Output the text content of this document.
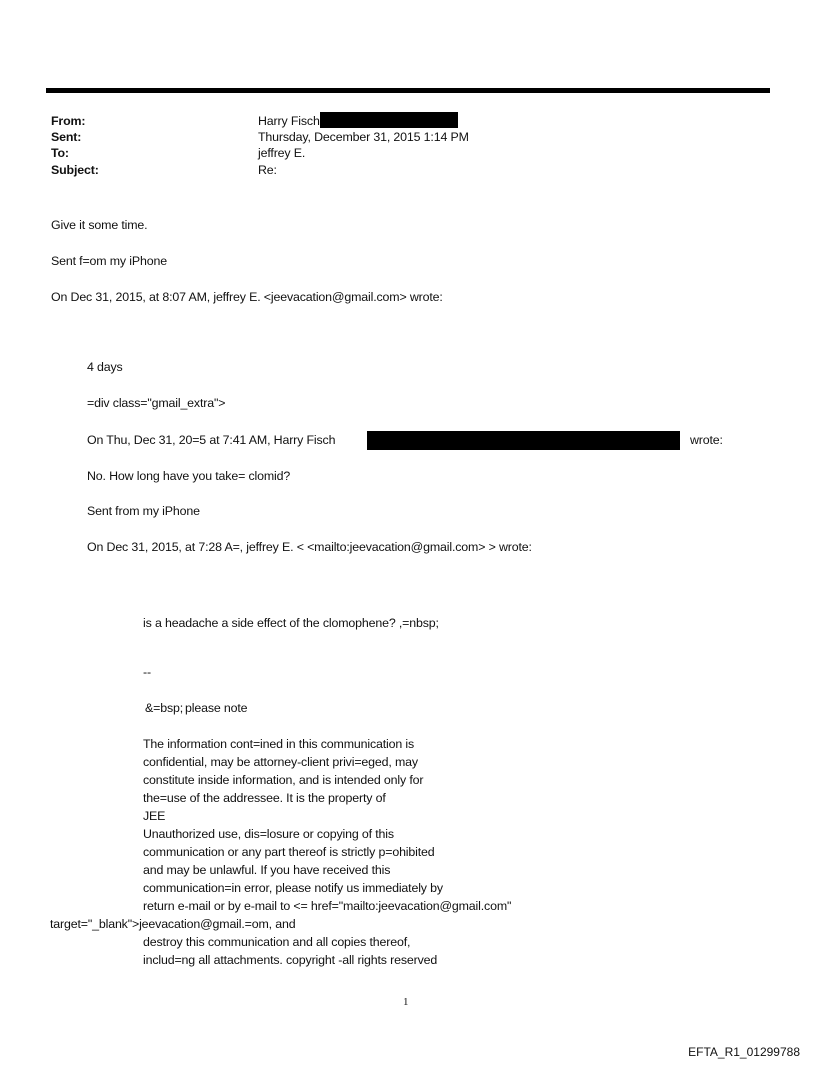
From:	Harry Fisch
Sent:	Thursday, December 31, 2015 1:14 PM
To:	jeffrey E.
Subject:	Re:
Give it some time.
Sent f=om my iPhone
On Dec 31, 2015, at 8:07 AM, jeffrey E. <jeevacation@gmail.com> wrote:
4 days
=div class="gmail_extra">
On Thu, Dec 31, 20=5 at 7:41 AM, Harry Fisch	wrote:
No. How long have you take= clomid?
Sent from my iPhone
On Dec 31, 2015, at 7:28 A=, jeffrey E. < <mailto:jeevacation@gmail.com> > wrote:
is a headache a side effect of the clomophene? ,=nbsp;
--
&=bsp; please note
The information cont=ined in this communication is
confidential, may be attorney-client privi=eged, may
constitute inside information, and is intended only for
the=use of the addressee. It is the property of
JEE
Unauthorized use, dis=losure or copying of this
communication or any part thereof is strictly p=ohibited
and may be unlawful. If you have received this
communication=in error, please notify us immediately by
return e-mail or by e-mail to <= href="mailto:jeevacation@gmail.com"
target="_blank">jeevacation@gmail.=om, and
destroy this communication and all copies thereof,
includ=ng all attachments. copyright -all rights reserved
1
EFTA_R1_01299788
